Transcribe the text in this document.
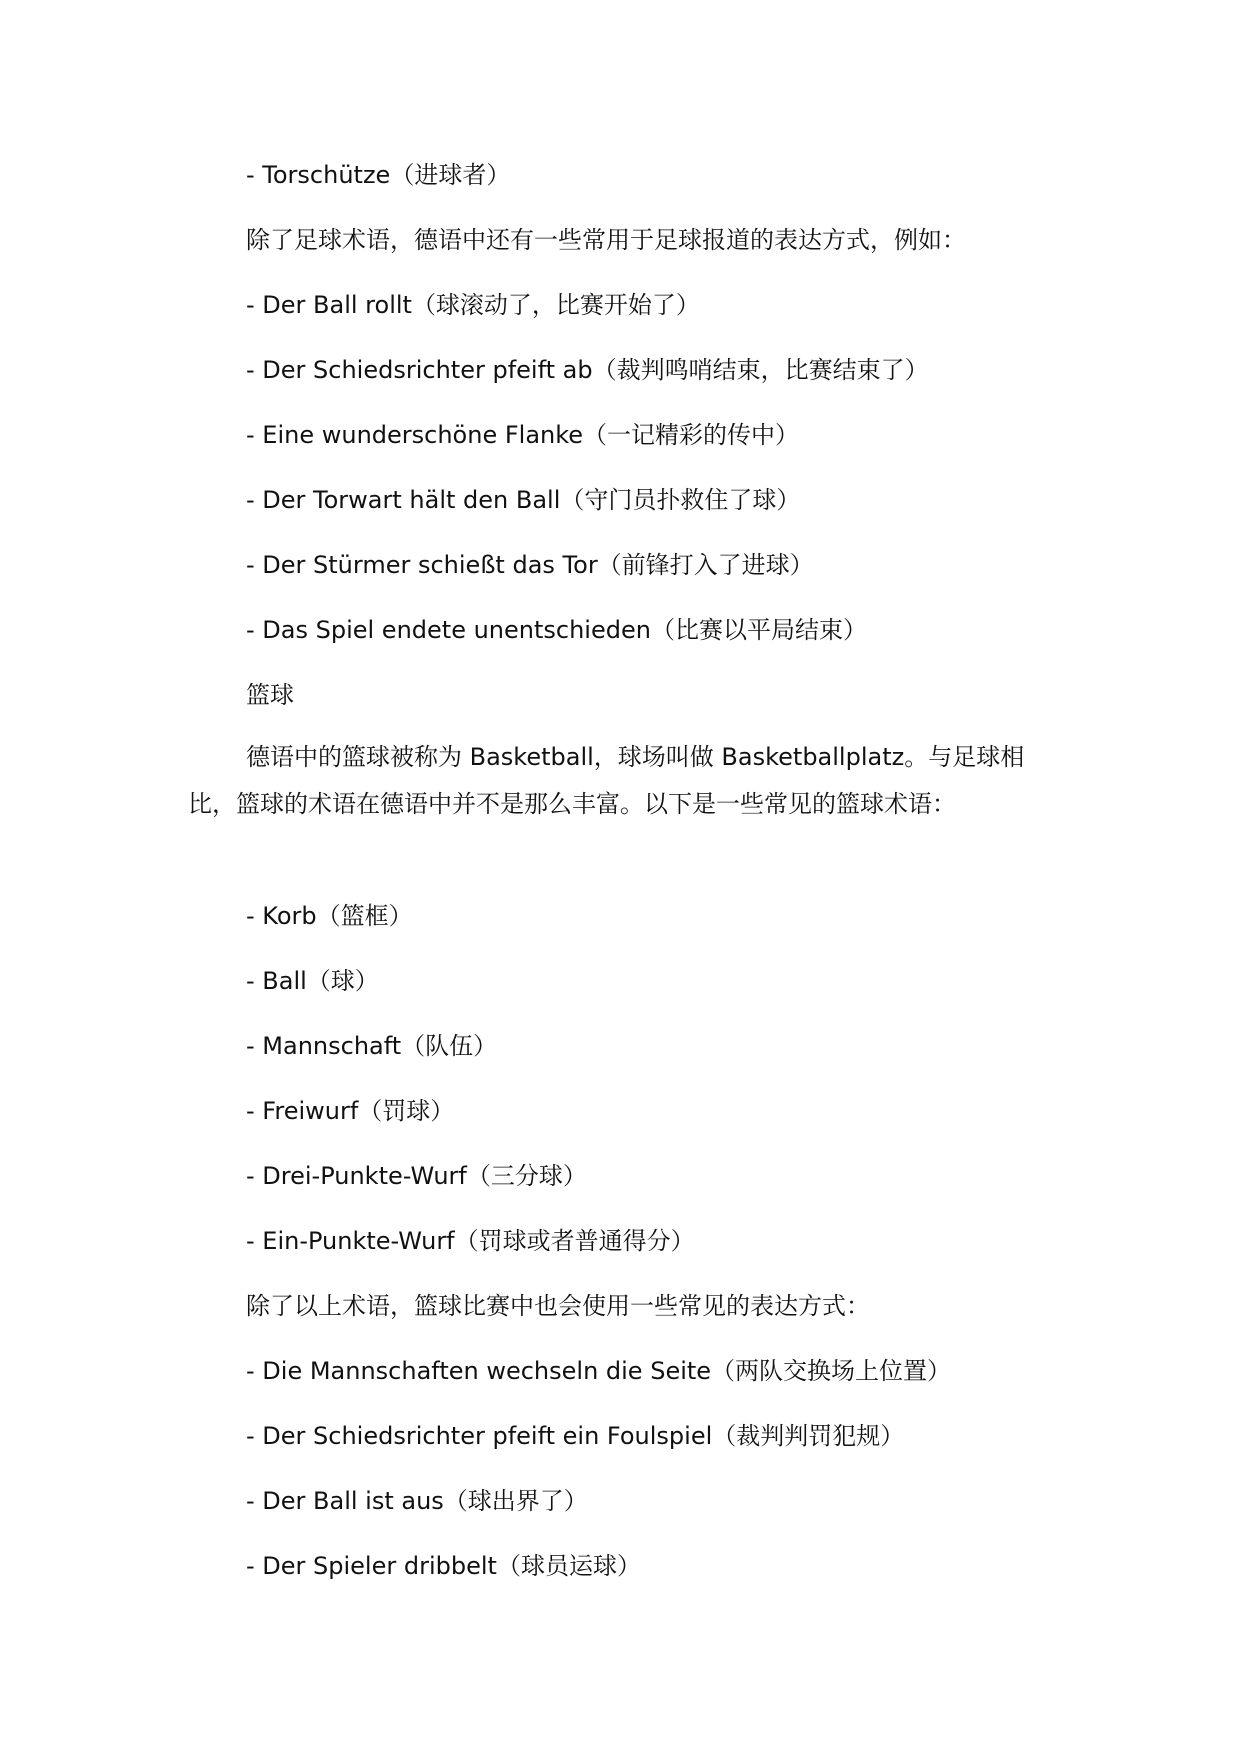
- Torschütze（进球者）

除了足球术语，德语中还有一些常用于足球报道的表达方式，例如：

- Der Ball rollt（球滚动了，比赛开始了）

- Der Schiedsrichter pfeift ab（裁判鸣哨结束，比赛结束了）

- Eine wunderschöne Flanke（一记精彩的传中）

- Der Torwart hält den Ball（守门员扑救住了球）

- Der Stürmer schießt das Tor（前锋打入了进球）

- Das Spiel endete unentschieden（比赛以平局结束）

篮球

德语中的篮球被称为 Basketball，球场叫做 Basketballplatz。与足球相比，篮球的术语在德语中并不是那么丰富。以下是一些常见的篮球术语：

- Korb（篮框）

- Ball（球）

- Mannschaft（队伍）

- Freiwurf（罚球）

- Drei-Punkte-Wurf（三分球）

- Ein-Punkte-Wurf（罚球或者普通得分）

除了以上术语，篮球比赛中也会使用一些常见的表达方式：

- Die Mannschaften wechseln die Seite（两队交换场上位置）

- Der Schiedsrichter pfeift ein Foulspiel（裁判判罚犯规）

- Der Ball ist aus（球出界了）

- Der Spieler dribbelt（球员运球）
